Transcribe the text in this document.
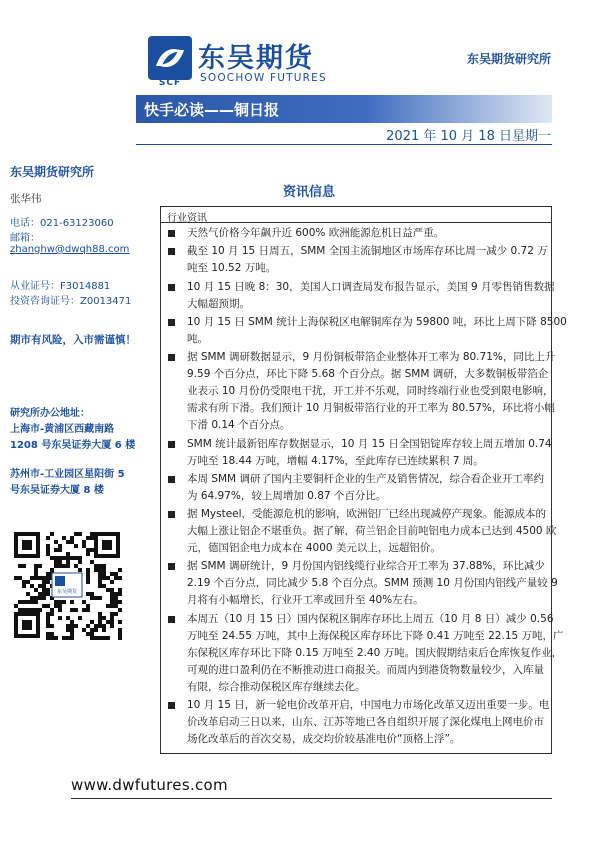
SCF
东吴期货
SOOCHOW FUTURES
东吴期货研究所
快手必读——铜日报
2021 年 10 月 18 日星期一
东吴期货研究所
张华伟
电话：021-63123060
邮箱：
zhanghw@dwqh88.com
从业证号：F3014881
投资咨询证号：Z0013471
期市有风险，入市需谨慎！
研究所办公地址：
上海市-黄浦区西藏南路
1208 号东吴证券大厦 6 楼
苏州市-工业园区星阳街 5
号东吴证券大厦 8 楼
东吴期货
资讯信息
行业资讯
天然气价格今年飙升近 600% 欧洲能源危机日益严重。
截至 10 月 15 日周五，SMM 全国主流铜地区市场库存环比周一减少 0.72 万
吨至 10.52 万吨。
10 月 15 日晚 8：30，美国人口调查局发布报告显示，美国 9 月零售销售数据
大幅超预期。
10 月 15 日 SMM 统计上海保税区电解铜库存为 59800 吨，环比上周下降 8500
吨。
据 SMM 调研数据显示，9 月份铜板带箔企业整体开工率为 80.71%，同比上升
9.59 个百分点，环比下降 5.68 个百分点。据 SMM 调研，大多数铜板带箔企
业表示 10 月份仍受限电干扰，开工并不乐观，同时终端行业也受到限电影响，
需求有所下滑。我们预计 10 月铜板带箔行业的开工率为 80.57%，环比将小幅
下滑 0.14 个百分点。
SMM 统计最新铝库存数据显示，10 月 15 日全国铝锭库存较上周五增加 0.74
万吨至 18.44 万吨，增幅 4.17%，至此库存已连续累积 7 周。
本周 SMM 调研了国内主要铜杆企业的生产及销售情况，综合看企业开工率约
为 64.97%，较上周增加 0.87 个百分比。
据 Mysteel，受能源危机的影响，欧洲铝厂已经出现减停产现象。能源成本的
大幅上涨让铝企不堪重负。据了解，荷兰铝企目前吨铝电力成本已达到 4500 欧
元，德国铝企电力成本在 4000 美元以上，远超铝价。
据 SMM 调研统计，9 月份国内铝线缆行业综合开工率为 37.88%，环比减少
2.19 个百分点，同比减少 5.8 个百分点。SMM 预测 10 月份国内铝线产量较 9
月将有小幅增长，行业开工率或回升至 40%左右。
本周五（10 月 15 日）国内保税区铜库存环比上周五（10 月 8 日）减少 0.56
万吨至 24.55 万吨，其中上海保税区库存环比下降 0.41 万吨至 22.15 万吨，广
东保税区库存环比下降 0.15 万吨至 2.40 万吨。国庆假期结束后仓库恢复作业，
可观的进口盈利仍在不断推动进口商报关。而周内到港货物数量较少，入库量
有限，综合推动保税区库存继续去化。
10 月 15 日，新一轮电价改革开启，中国电力市场化改革又迈出重要一步。电
价改革启动三日以来，山东、江苏等地已各自组织开展了深化煤电上网电价市
场化改革后的首次交易，成交均价较基准电价“顶格上浮”。
www.dwfutures.com
